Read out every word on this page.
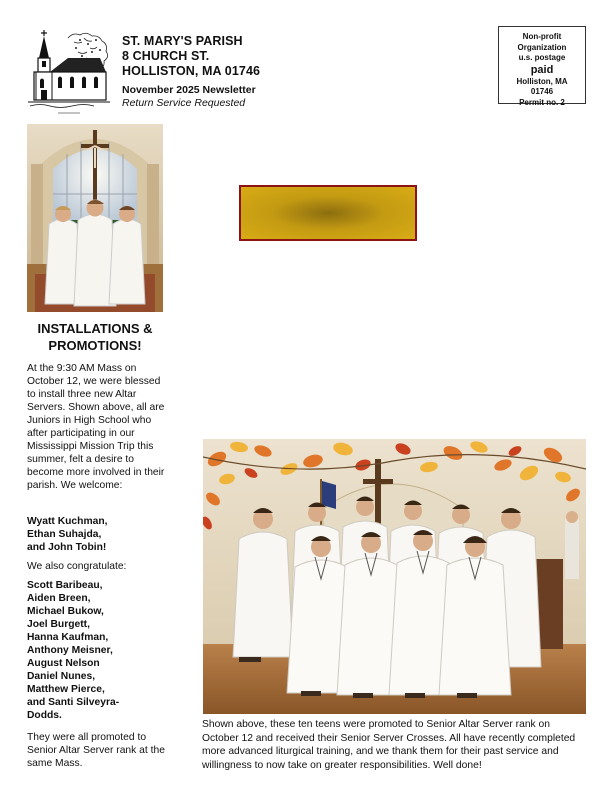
ST. MARY'S PARISH
8 CHURCH ST.
HOLLISTON, MA 01746
November 2025 Newsletter
Return Service Requested
Non-profit
Organization
u.s. postage
paid
Holliston, MA
01746
Permit no. 2
INSTALLATIONS &
PROMOTIONS!
At the 9:30 AM Mass on October 12, we were blessed to install three new Altar Servers. Shown above, all are Juniors in High School who after participating in our Mississippi Mission Trip this summer, felt a desire to become more involved in their parish. We welcome:
Wyatt Kuchman,
Ethan Suhajda,
and John Tobin!
We also congratulate:
Scott Baribeau,
Aiden Breen,
Michael Bukow,
Joel Burgett,
Hanna Kaufman,
Anthony Meisner,
August Nelson
Daniel Nunes,
Matthew Pierce,
and Santi Silveyra-
Dodds.
They were all promoted to Senior Altar Server rank at the same Mass.
Shown above, these ten teens were promoted to Senior Altar Server rank on October 12 and received their Senior Server Crosses. All have recently completed more advanced liturgical training, and we thank them for their past service and willingness to now take on greater responsibilities. Well done!
